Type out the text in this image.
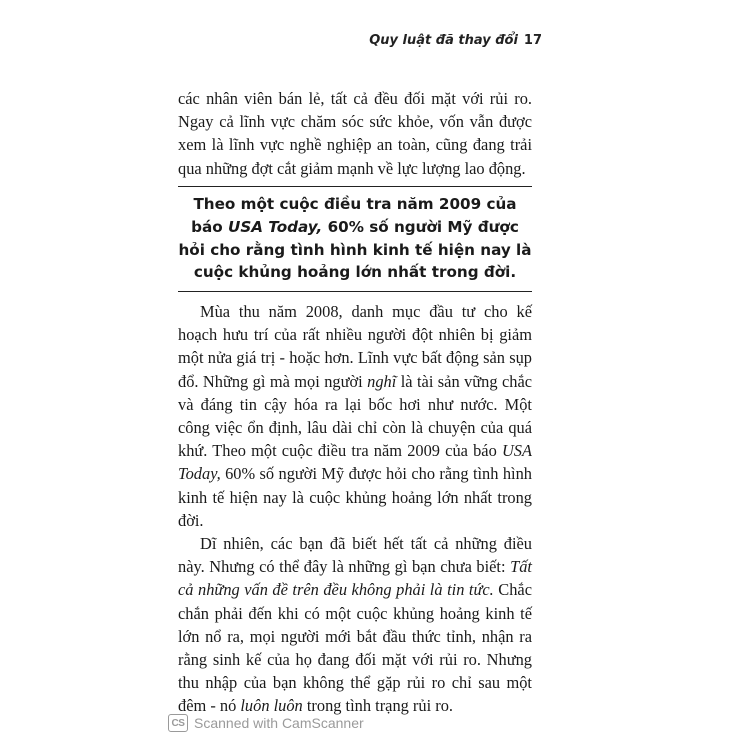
Quy luật đã thay đổi 17

các nhân viên bán lẻ, tất cả đều đối mặt với rủi ro. Ngay cả lĩnh vực chăm sóc sức khỏe, vốn vẫn được xem là lĩnh vực nghề nghiệp an toàn, cũng đang trải qua những đợt cắt giảm mạnh về lực lượng lao động.

Theo một cuộc điều tra năm 2009 của báo USA Today, 60% số người Mỹ được hỏi cho rằng tình hình kinh tế hiện nay là cuộc khủng hoảng lớn nhất trong đời.

Mùa thu năm 2008, danh mục đầu tư cho kế hoạch hưu trí của rất nhiều người đột nhiên bị giảm một nửa giá trị - hoặc hơn. Lĩnh vực bất động sản sụp đổ. Những gì mà mọi người nghĩ là tài sản vững chắc và đáng tin cậy hóa ra lại bốc hơi như nước. Một công việc ổn định, lâu dài chỉ còn là chuyện của quá khứ. Theo một cuộc điều tra năm 2009 của báo USA Today, 60% số người Mỹ được hỏi cho rằng tình hình kinh tế hiện nay là cuộc khủng hoảng lớn nhất trong đời.

Dĩ nhiên, các bạn đã biết hết tất cả những điều này. Nhưng có thể đây là những gì bạn chưa biết: Tất cả những vấn đề trên đều không phải là tin tức. Chắc chắn phải đến khi có một cuộc khủng hoảng kinh tế lớn nổ ra, mọi người mới bắt đầu thức tỉnh, nhận ra rằng sinh kế của họ đang đối mặt với rủi ro. Nhưng thu nhập của bạn không thể gặp rủi ro chỉ sau một đêm - nó luôn luôn trong tình trạng rủi ro.

CS Scanned with CamScanner
